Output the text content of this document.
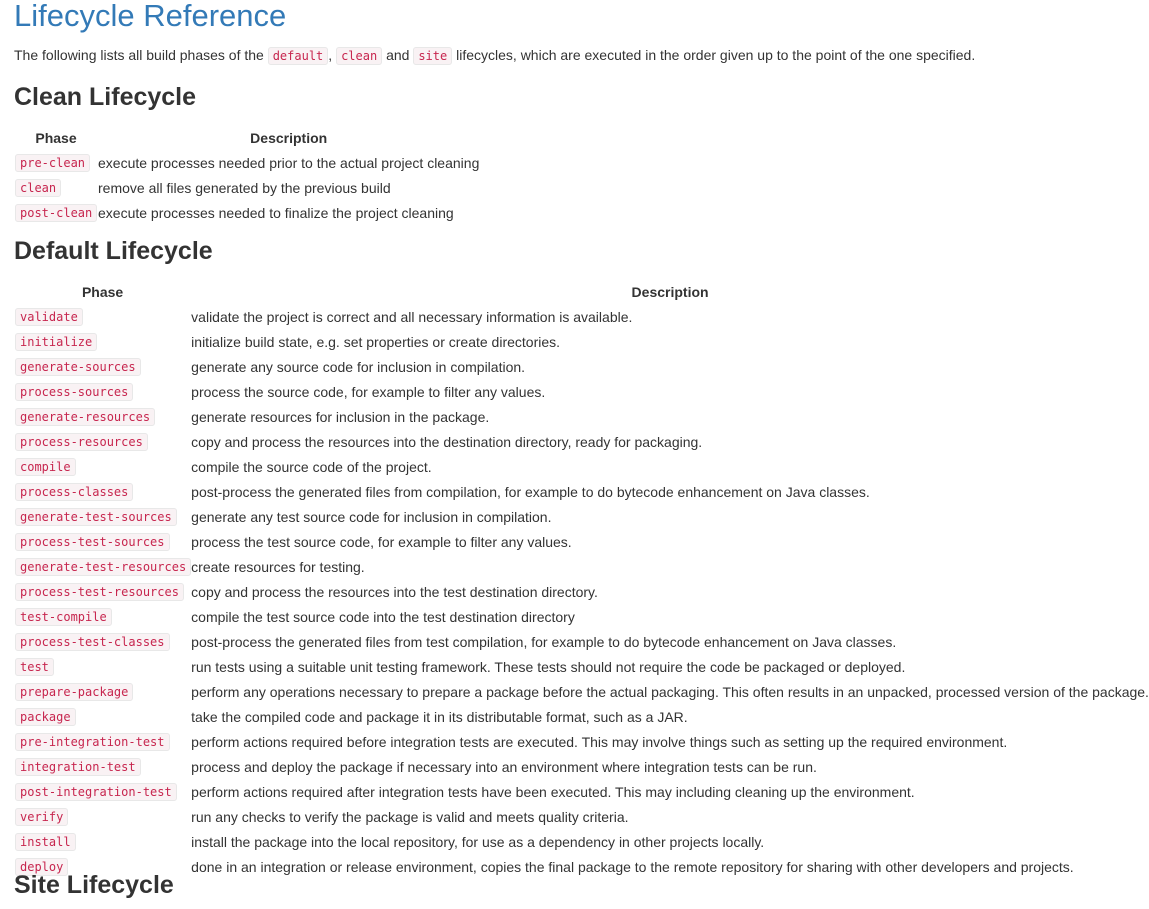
Lifecycle Reference
The following lists all build phases of the default , clean and site lifecycles, which are executed in the order given up to the point of the one specified.
Clean Lifecycle
Phase	Description
pre-clean	execute processes needed prior to the actual project cleaning
clean	remove all files generated by the previous build
post-clean	execute processes needed to finalize the project cleaning
Default Lifecycle
Phase	Description
validate	validate the project is correct and all necessary information is available.
initialize	initialize build state, e.g. set properties or create directories.
generate-sources	generate any source code for inclusion in compilation.
process-sources	process the source code, for example to filter any values.
generate-resources	generate resources for inclusion in the package.
process-resources	copy and process the resources into the destination directory, ready for packaging.
compile	compile the source code of the project.
process-classes	post-process the generated files from compilation, for example to do bytecode enhancement on Java classes.
generate-test-sources	generate any test source code for inclusion in compilation.
process-test-sources	process the test source code, for example to filter any values.
generate-test-resources	create resources for testing.
process-test-resources	copy and process the resources into the test destination directory.
test-compile	compile the test source code into the test destination directory
process-test-classes	post-process the generated files from test compilation, for example to do bytecode enhancement on Java classes.
test	run tests using a suitable unit testing framework. These tests should not require the code be packaged or deployed.
prepare-package	perform any operations necessary to prepare a package before the actual packaging. This often results in an unpacked, processed version of the package.
package	take the compiled code and package it in its distributable format, such as a JAR.
pre-integration-test	perform actions required before integration tests are executed. This may involve things such as setting up the required environment.
integration-test	process and deploy the package if necessary into an environment where integration tests can be run.
post-integration-test	perform actions required after integration tests have been executed. This may including cleaning up the environment.
verify	run any checks to verify the package is valid and meets quality criteria.
install	install the package into the local repository, for use as a dependency in other projects locally.
deploy	done in an integration or release environment, copies the final package to the remote repository for sharing with other developers and projects.
Site Lifecycle
